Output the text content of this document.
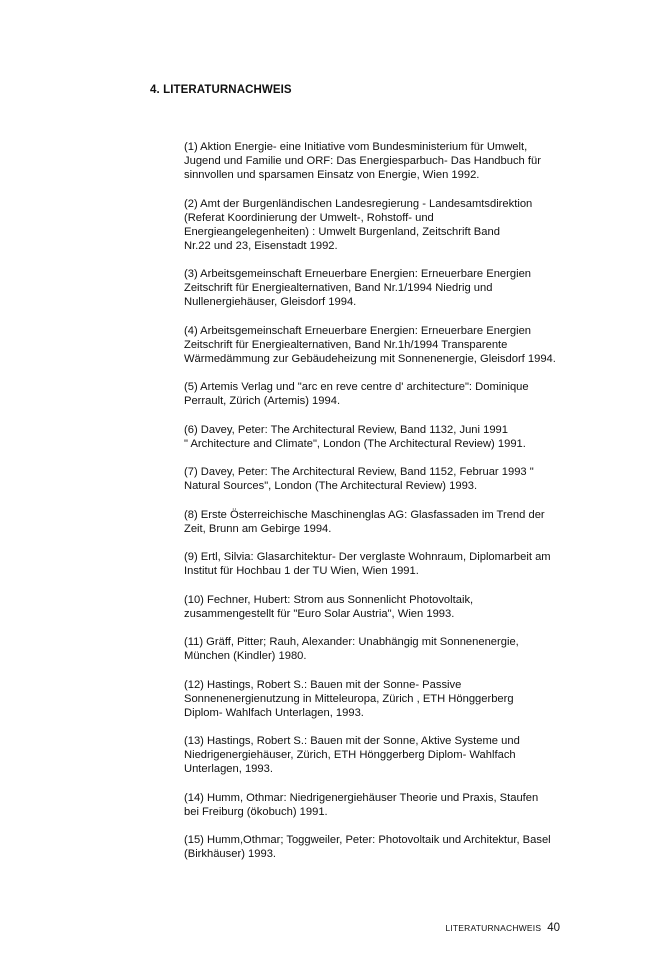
4. LITERATURNACHWEIS
(1) Aktion Energie- eine Initiative vom Bundesministerium für Umwelt,
Jugend und Familie und ORF: Das Energiesparbuch- Das Handbuch für
sinnvollen und sparsamen Einsatz von Energie, Wien 1992.
(2) Amt der Burgenländischen Landesregierung - Landesamtsdirektion
(Referat Koordinierung der Umwelt-, Rohstoff- und
Energieangelegenheiten) : Umwelt Burgenland, Zeitschrift Band
Nr.22 und 23, Eisenstadt 1992.
(3) Arbeitsgemeinschaft Erneuerbare Energien: Erneuerbare Energien
Zeitschrift für Energiealternativen, Band Nr.1/1994 Niedrig und
Nullenergiehäuser, Gleisdorf 1994.
(4) Arbeitsgemeinschaft Erneuerbare Energien: Erneuerbare Energien
Zeitschrift für Energiealternativen, Band Nr.1h/1994 Transparente
Wärmedämmung zur Gebäudeheizung mit Sonnenenergie, Gleisdorf 1994.
(5) Artemis Verlag und "arc en reve centre d' architecture": Dominique
Perrault, Zürich (Artemis) 1994.
(6) Davey, Peter: The Architectural Review, Band 1132, Juni 1991
" Architecture and Climate", London (The Architectural Review) 1991.
(7) Davey, Peter: The Architectural Review, Band 1152, Februar 1993 "
Natural Sources", London (The Architectural Review) 1993.
(8) Erste Österreichische Maschinenglas AG: Glasfassaden im Trend der
Zeit, Brunn am Gebirge 1994.
(9) Ertl, Silvia: Glasarchitektur- Der verglaste Wohnraum, Diplomarbeit am
Institut für Hochbau 1 der TU Wien, Wien 1991.
(10) Fechner, Hubert: Strom aus Sonnenlicht Photovoltaik,
zusammengestellt für "Euro Solar Austria", Wien 1993.
(11) Gräff, Pitter; Rauh, Alexander: Unabhängig mit Sonnenenergie,
München (Kindler) 1980.
(12) Hastings, Robert S.: Bauen mit der Sonne- Passive
Sonnenenergienutzung in Mitteleuropa, Zürich , ETH Hönggerberg
Diplom- Wahlfach Unterlagen, 1993.
(13) Hastings, Robert S.: Bauen mit der Sonne, Aktive Systeme und
Niedrigenergiehäuser, Zürich, ETH Hönggerberg Diplom- Wahlfach
Unterlagen, 1993.
(14) Humm, Othmar: Niedrigenergiehäuser Theorie und Praxis, Staufen
bei Freiburg (ökobuch) 1991.
(15) Humm,Othmar; Toggweiler, Peter: Photovoltaik und Architektur, Basel
(Birkhäuser) 1993.
LITERATURNACHWEIS 40
